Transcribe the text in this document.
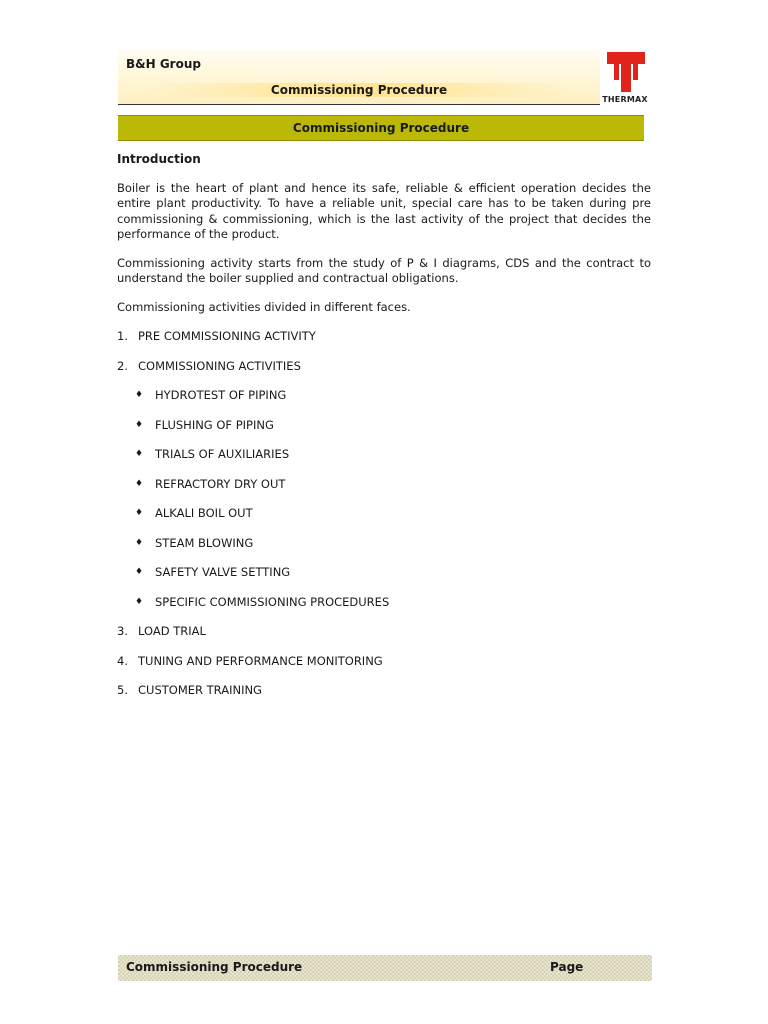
B&H Group
Commissioning Procedure
THERMAX
Commissioning Procedure
Introduction

Boiler is the heart of plant and hence its safe, reliable & efficient operation decides the entire plant productivity. To have a reliable unit, special care has to be taken during pre commissioning & commissioning, which is the last activity of the project that decides the performance of the product.

Commissioning activity starts from the study of P & I diagrams, CDS and the contract to understand the boiler supplied and contractual obligations.

Commissioning activities divided in different faces.

1. PRE COMMISSIONING ACTIVITY
2. COMMISSIONING ACTIVITIES
♦	HYDROTEST OF PIPING
♦	FLUSHING OF PIPING
♦	TRIALS OF AUXILIARIES
♦	REFRACTORY DRY OUT
♦	ALKALI BOIL OUT
♦	STEAM BLOWING
♦	SAFETY VALVE SETTING
♦	SPECIFIC COMMISSIONING PROCEDURES
3. LOAD TRIAL
4. TUNING AND PERFORMANCE MONITORING
5. CUSTOMER TRAINING
Commissioning Procedure	Page
